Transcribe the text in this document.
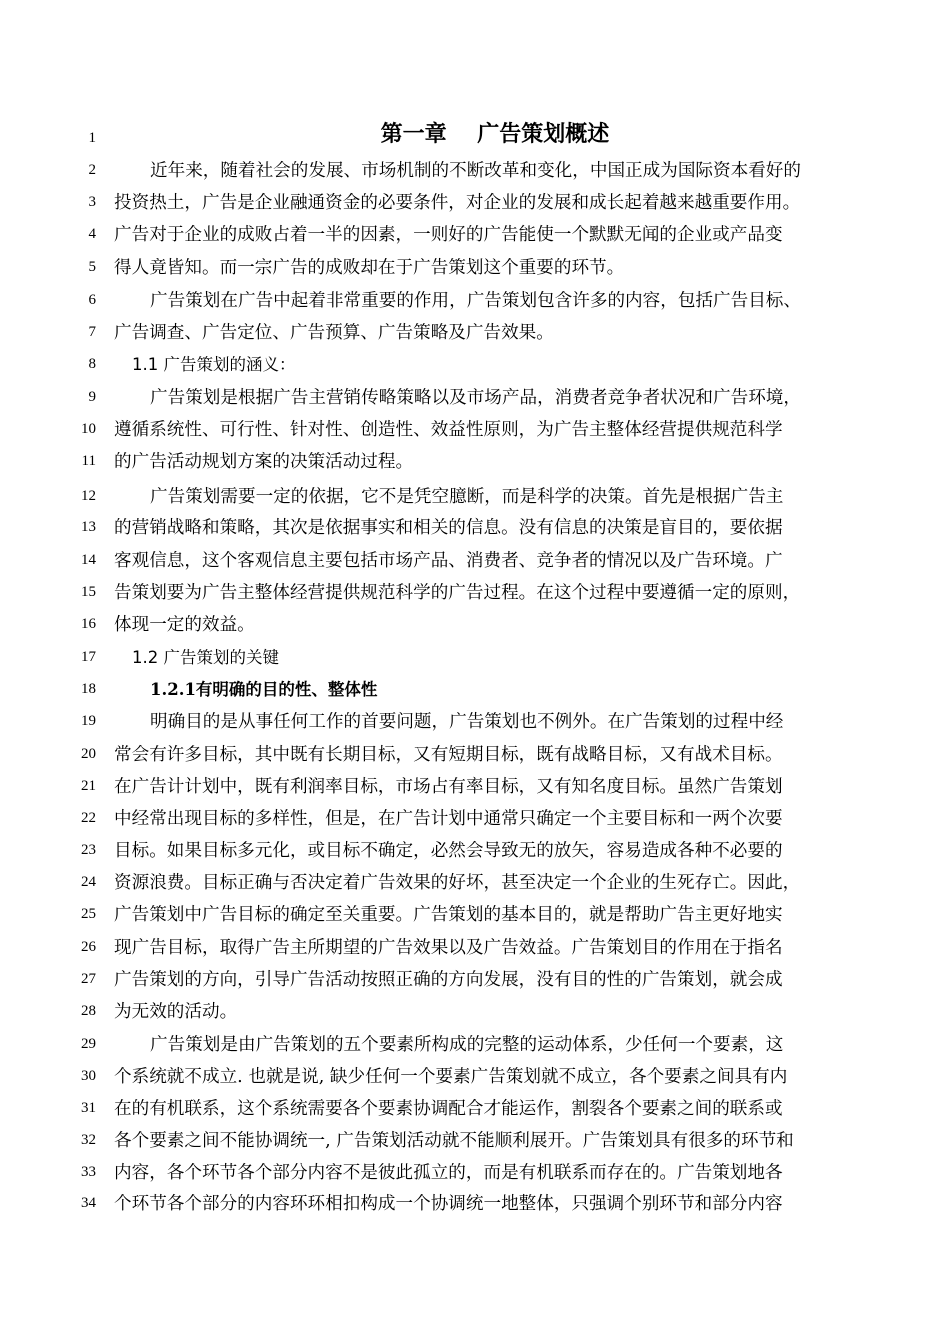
1	第一章    广告策划概述
2	近年来，随着社会的发展、市场机制的不断改革和变化，中国正成为国际资本看好的
3 投资热土，广告是企业融通资金的必要条件，对企业的发展和成长起着越来越重要作用。
4 广告对于企业的成败占着一半的因素，一则好的广告能使一个默默无闻的企业或产品变
5 得人竟皆知。而一宗广告的成败却在于广告策划这个重要的环节。
6	广告策划在广告中起着非常重要的作用，广告策划包含许多的内容，包括广告目标、
7 广告调查、广告定位、广告预算、广告策略及广告效果。
8 1.1 广告策划的涵义：
9	广告策划是根据广告主营销传略策略以及市场产品，消费者竞争者状况和广告环境，
10 遵循系统性、可行性、针对性、创造性、效益性原则，为广告主整体经营提供规范科学
11 的广告活动规划方案的决策活动过程。
12	广告策划需要一定的依据，它不是凭空臆断，而是科学的决策。首先是根据广告主
13 的营销战略和策略，其次是依据事实和相关的信息。没有信息的决策是盲目的，要依据
14 客观信息，这个客观信息主要包括市场产品、消费者、竞争者的情况以及广告环境。广
15 告策划要为广告主整体经营提供规范科学的广告过程。在这个过程中要遵循一定的原则，
16 体现一定的效益。
17 1.2 广告策划的关键
18	1.2.1有明确的目的性、整体性
19	明确目的是从事任何工作的首要问题，广告策划也不例外。在广告策划的过程中经
20 常会有许多目标，其中既有长期目标，又有短期目标，既有战略目标，又有战术目标。
21 在广告计计划中，既有利润率目标，市场占有率目标，又有知名度目标。虽然广告策划
22 中经常出现目标的多样性，但是，在广告计划中通常只确定一个主要目标和一两个次要
23 目标。如果目标多元化，或目标不确定，必然会导致无的放矢，容易造成各种不必要的
24 资源浪费。目标正确与否决定着广告效果的好坏，甚至决定一个企业的生死存亡。因此，
25 广告策划中广告目标的确定至关重要。广告策划的基本目的，就是帮助广告主更好地实
26 现广告目标，取得广告主所期望的广告效果以及广告效益。广告策划目的作用在于指名
27 广告策划的方向，引导广告活动按照正确的方向发展，没有目的性的广告策划，就会成
28 为无效的活动。
29	广告策划是由广告策划的五个要素所构成的完整的运动体系，少任何一个要素，这
30 个系统就不成立. 也就是说, 缺少任何一个要素广告策划就不成立，各个要素之间具有内
31 在的有机联系，这个系统需要各个要素协调配合才能运作，割裂各个要素之间的联系或
32 各个要素之间不能协调统一, 广告策划活动就不能顺利展开。广告策划具有很多的环节和
33 内容，各个环节各个部分内容不是彼此孤立的，而是有机联系而存在的。广告策划地各
34 个环节各个部分的内容环环相扣构成一个协调统一地整体，只强调个别环节和部分内容
